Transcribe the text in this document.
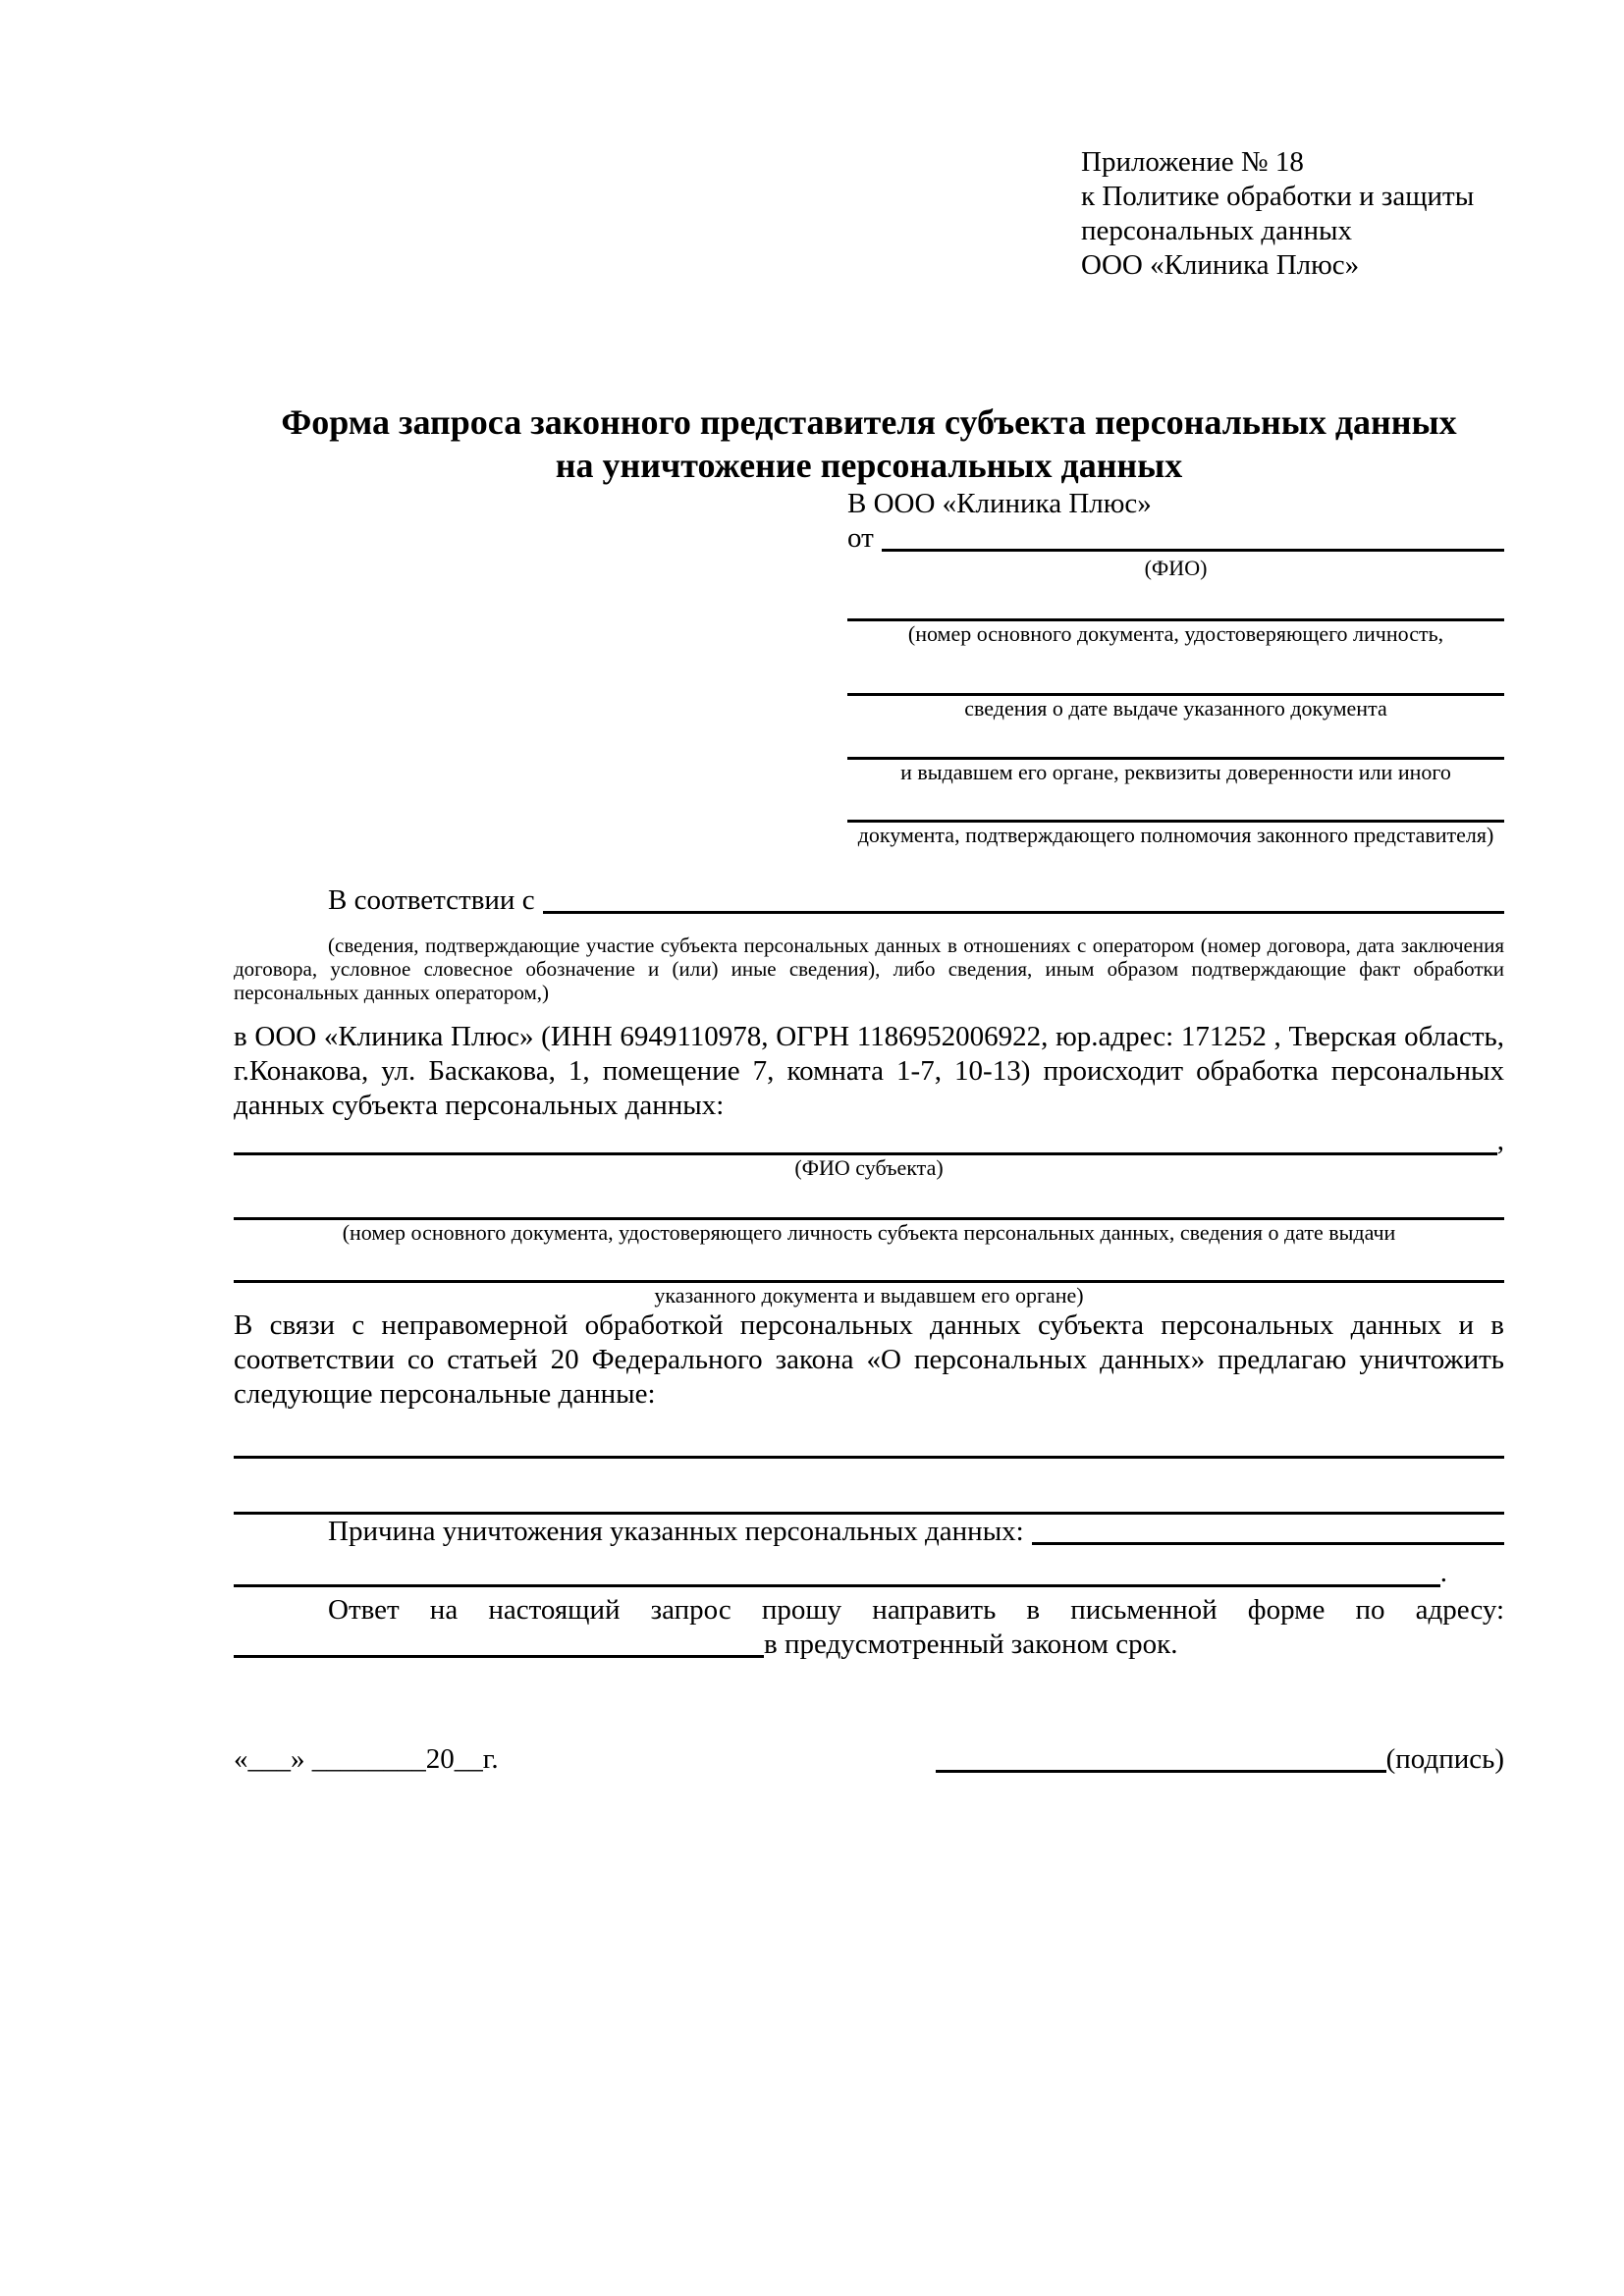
Приложение № 18
к Политике обработки и защиты
персональных данных
ООО «Клиника Плюс»
Форма запроса законного представителя субъекта персональных данных
на уничтожение персональных данных
В ООО «Клиника Плюс»
от
(ФИО)
(номер основного документа, удостоверяющего личность,
сведения о дате выдаче указанного документа
и выдавшем его органе, реквизиты доверенности или иного
документа, подтверждающего полномочия законного представителя)
В соответствии с
(сведения, подтверждающие участие субъекта персональных данных в отношениях с оператором (номер договора, дата заключения договора, условное словесное обозначение и (или) иные сведения), либо сведения, иным образом подтверждающие факт обработки персональных данных оператором,)
в ООО «Клиника Плюс» (ИНН 6949110978, ОГРН 1186952006922, юр.адрес: 171252 , Тверская область, г.Конакова, ул. Баскакова, 1, помещение 7, комната 1-7, 10-13) происходит обработка персональных данных субъекта персональных данных:
,
(ФИО субъекта)
(номер основного документа, удостоверяющего личность субъекта персональных данных, сведения о дате выдачи
указанного документа и выдавшем его органе)
В связи с неправомерной обработкой персональных данных субъекта персональных данных и в соответствии со статьей 20 Федерального закона «О персональных данных» предлагаю уничтожить следующие персональные данные:
Причина уничтожения указанных персональных данных:
.
Ответ на настоящий запрос прошу направить в письменной форме по адресу:
в предусмотренный законом срок.
«___» ________20__г.	(подпись)
